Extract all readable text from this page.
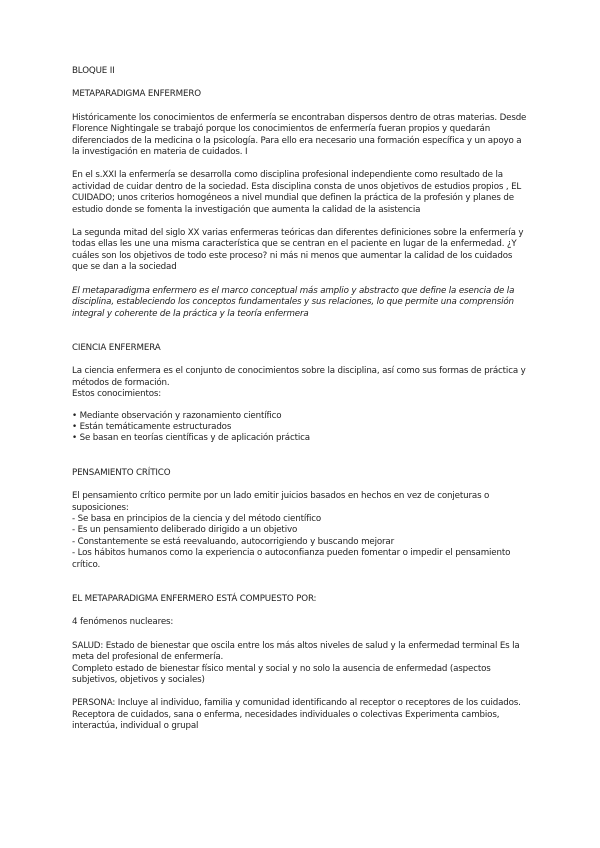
BLOQUE II

METAPARADIGMA ENFERMERO

Históricamente los conocimientos de enfermería se encontraban dispersos dentro de otras materias. Desde Florence Nightingale se trabajó porque los conocimientos de enfermería fueran propios y quedarán diferenciados de la medicina o la psicología. Para ello era necesario una formación específica y un apoyo a la investigación en materia de cuidados. I

En el s.XXI la enfermería se desarrolla como disciplina profesional independiente como resultado de la actividad de cuidar dentro de la sociedad. Esta disciplina consta de unos objetivos de estudios propios , EL CUIDADO; unos criterios homogéneos a nivel mundial que definen la práctica de la profesión y planes de estudio donde se fomenta la investigación que aumenta la calidad de la asistencia

La segunda mitad del siglo XX varias enfermeras teóricas dan diferentes definiciones sobre la enfermería y todas ellas les une una misma característica que se centran en el paciente en lugar de la enfermedad. ¿Y cuáles son los objetivos de todo este proceso? ni más ni menos que aumentar la calidad de los cuidados que se dan a la sociedad

El metaparadigma enfermero es el marco conceptual más amplio y abstracto que define la esencia de la disciplina, estableciendo los conceptos fundamentales y sus relaciones, lo que permite una comprensión integral y coherente de la práctica y la teoría enfermera

CIENCIA ENFERMERA

La ciencia enfermera es el conjunto de conocimientos sobre la disciplina, así como sus formas de práctica y métodos de formación.

Estos conocimientos:

• Mediante observación y razonamiento científico
• Están temáticamente estructurados
• Se basan en teorías científicas y de aplicación práctica

PENSAMIENTO CRÍTICO

El pensamiento crítico permite por un lado emitir juicios basados en hechos en vez de conjeturas o suposiciones:

- Se basa en principios de la ciencia y del método científico
- Es un pensamiento deliberado dirigido a un objetivo
- Constantemente se está reevaluando, autocorrigiendo y buscando mejorar
- Los hábitos humanos como la experiencia o autoconfianza pueden fomentar o impedir el pensamiento crítico.

EL METAPARADIGMA ENFERMERO ESTÁ COMPUESTO POR:

4 fenómenos nucleares:

SALUD: Estado de bienestar que oscila entre los más altos niveles de salud y la enfermedad terminal Es la meta del profesional de enfermería.

Completo estado de bienestar físico mental y social y no solo la ausencia de enfermedad (aspectos subjetivos, objetivos y sociales)

PERSONA: Incluye al individuo, familia y comunidad identificando al receptor o receptores de los cuidados.

Receptora de cuidados, sana o enferma, necesidades individuales o colectivas Experimenta cambios, interactúa, individual o grupal
